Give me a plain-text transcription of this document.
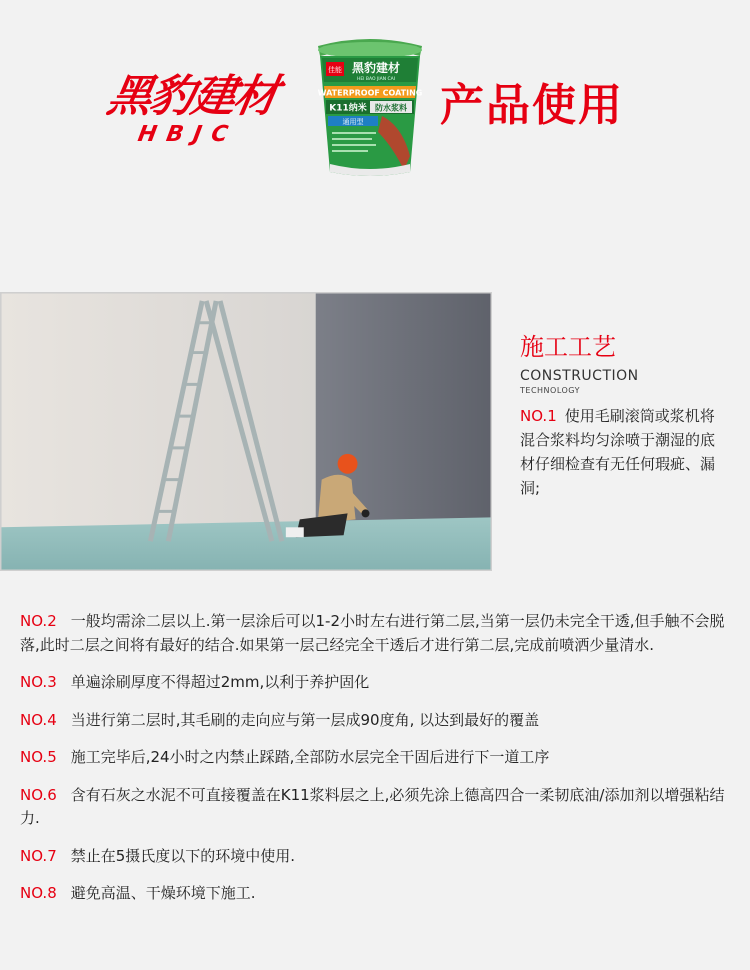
黑豹建材
HBJC
佳能 黑豹建材
HEI BAO JIAN CAI
WATERPROOF COATING
K11纳米 防水浆料
通用型 产品使用
施工工艺
CONSTRUCTION
TECHNOLOGY
NO.1 使用毛刷滚筒或浆机将混合浆料均匀涂喷于潮湿的底材仔细检查有无任何瑕疵、漏洞;
NO.2 一般均需涂二层以上.第一层涂后可以1-2小时左右进行第二层,当第一层仍未完全干透,但手触不会脱落,此时二层之间将有最好的结合.如果第一层己经完全干透后才进行第二层,完成前喷洒少量清水.
NO.3 单遍涂刷厚度不得超过2mm,以利于养护固化
NO.4 当进行第二层时,其毛刷的走向应与第一层成90度角, 以达到最好的覆盖
NO.5 施工完毕后,24小时之内禁止踩踏,全部防水层完全干固后进行下一道工序
NO.6 含有石灰之水泥不可直接覆盖在K11浆料层之上,必须先涂上德高四合一柔韧底油/添加剂以增强粘结力.
NO.7 禁止在5摄氏度以下的环境中使用.
NO.8 避免高温、干燥环境下施工.
